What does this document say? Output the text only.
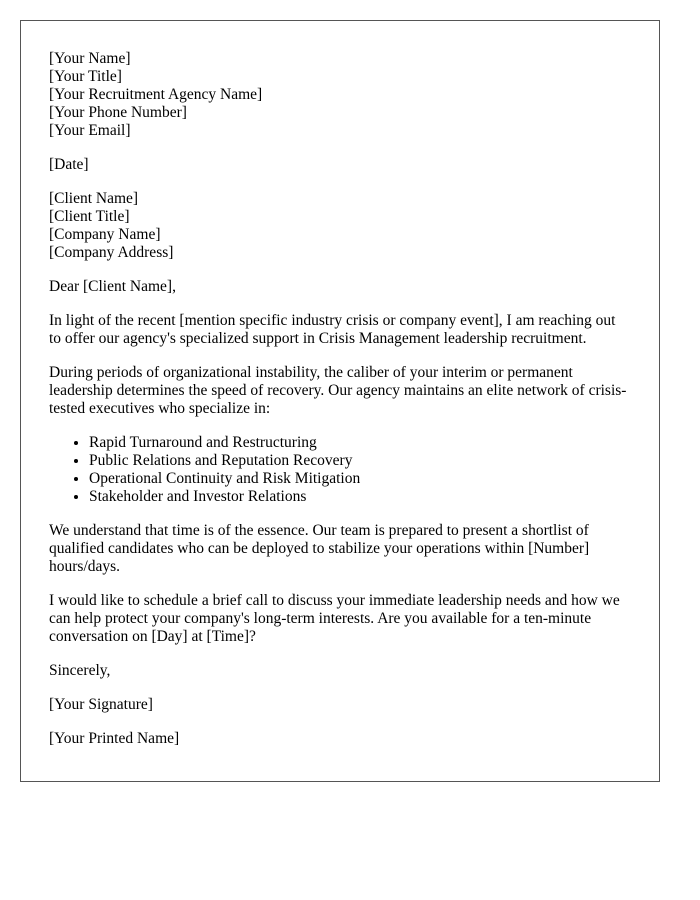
[Your Name]
[Your Title]
[Your Recruitment Agency Name]
[Your Phone Number]
[Your Email]

[Date]

[Client Name]
[Client Title]
[Company Name]
[Company Address]

Dear [Client Name],

In light of the recent [mention specific industry crisis or company event], I am reaching out to offer our agency's specialized support in Crisis Management leadership recruitment.

During periods of organizational instability, the caliber of your interim or permanent leadership determines the speed of recovery. Our agency maintains an elite network of crisis-tested executives who specialize in:

• Rapid Turnaround and Restructuring
• Public Relations and Reputation Recovery
• Operational Continuity and Risk Mitigation
• Stakeholder and Investor Relations

We understand that time is of the essence. Our team is prepared to present a shortlist of qualified candidates who can be deployed to stabilize your operations within [Number] hours/days.

I would like to schedule a brief call to discuss your immediate leadership needs and how we can help protect your company's long-term interests. Are you available for a ten-minute conversation on [Day] at [Time]?

Sincerely,

[Your Signature]

[Your Printed Name]
